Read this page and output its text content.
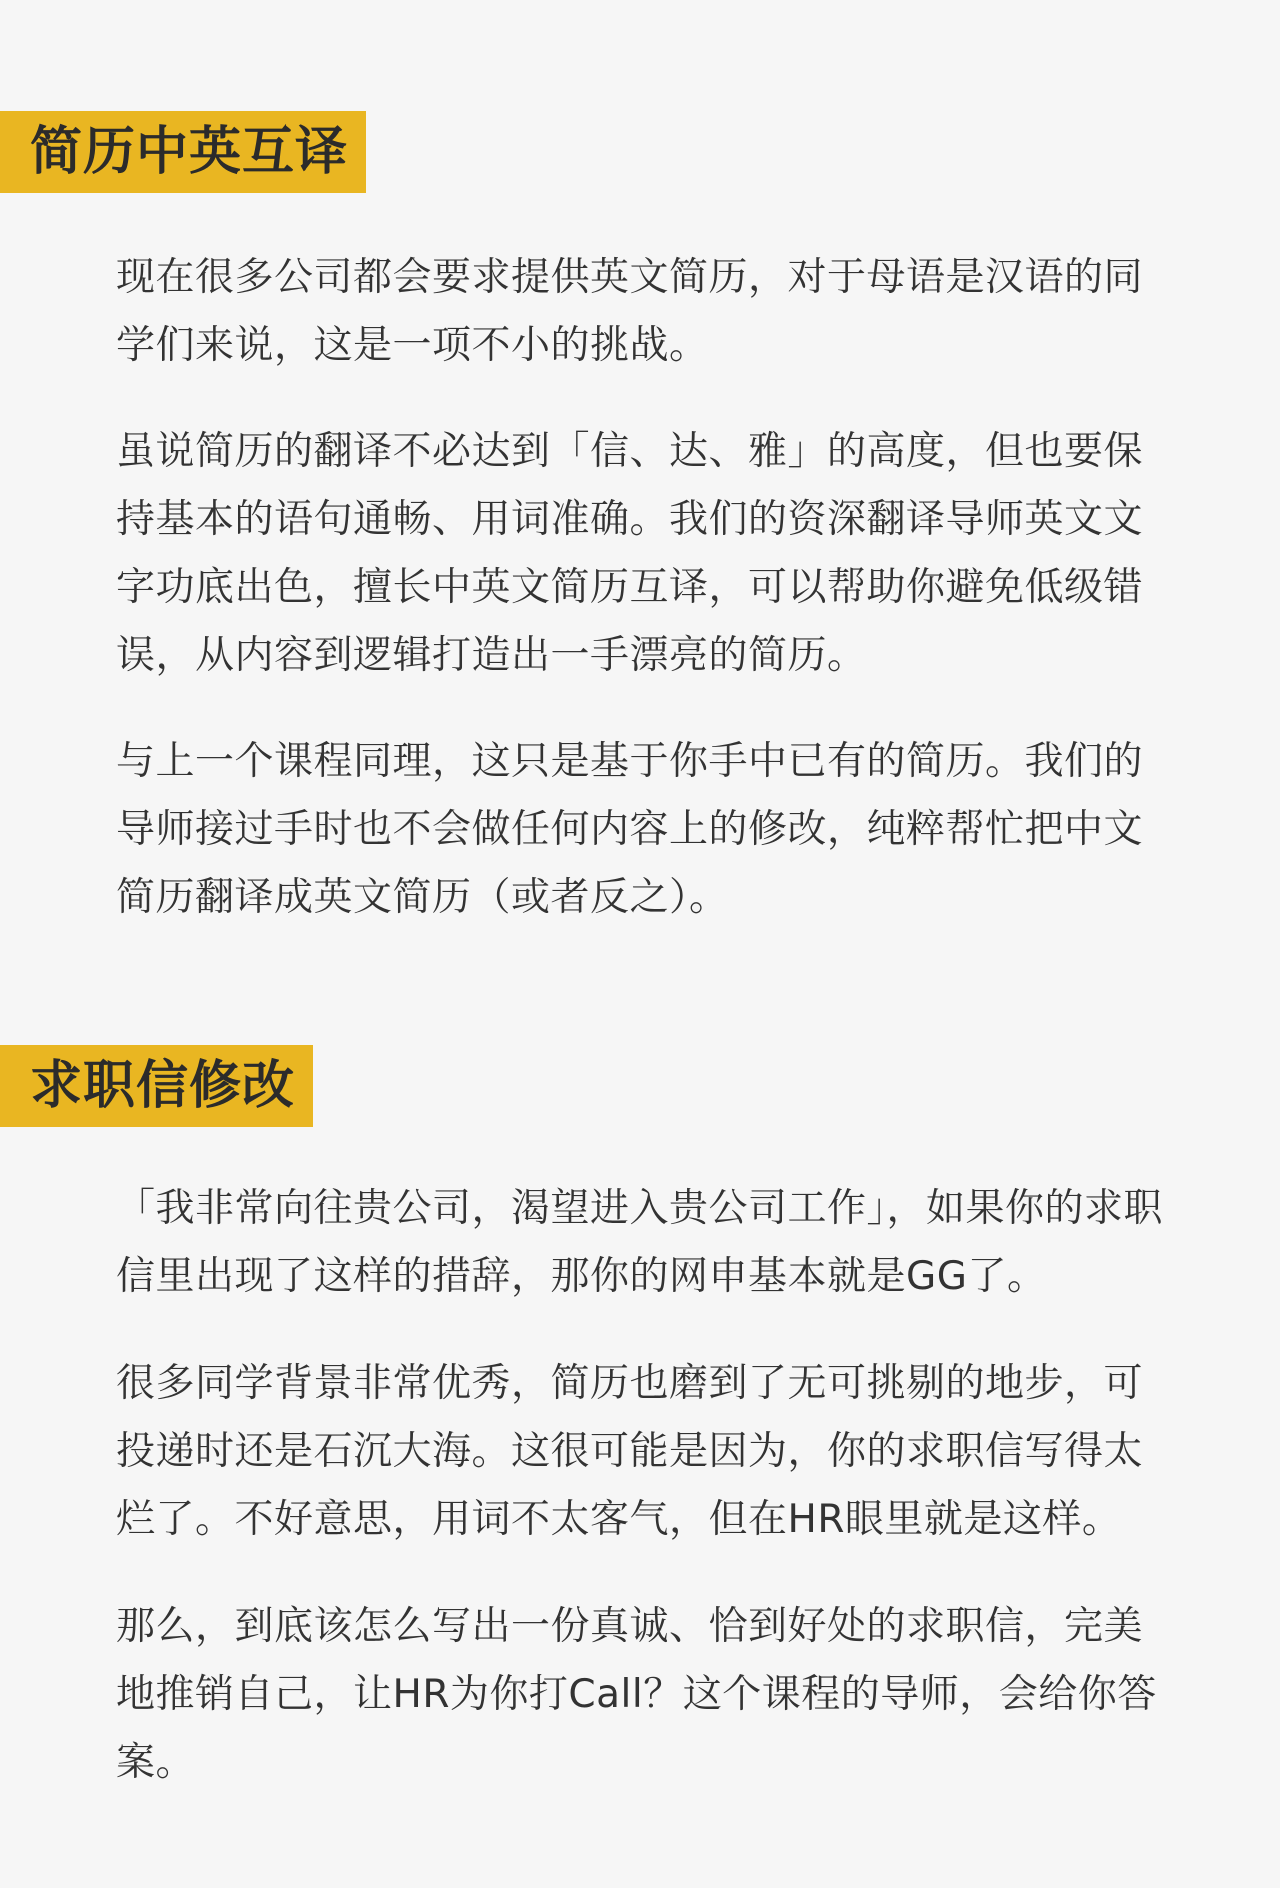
简历中英互译

现在很多公司都会要求提供英文简历，对于母语是汉语的同学们来说，这是一项不小的挑战。

虽说简历的翻译不必达到「信、达、雅」的高度，但也要保持基本的语句通畅、用词准确。我们的资深翻译导师英文文字功底出色，擅长中英文简历互译，可以帮助你避免低级错误，从内容到逻辑打造出一手漂亮的简历。

与上一个课程同理，这只是基于你手中已有的简历。我们的导师接过手时也不会做任何内容上的修改，纯粹帮忙把中文简历翻译成英文简历（或者反之）。

求职信修改

「我非常向往贵公司，渴望进入贵公司工作」，如果你的求职信里出现了这样的措辞，那你的网申基本就是GG了。

很多同学背景非常优秀，简历也磨到了无可挑剔的地步，可投递时还是石沉大海。这很可能是因为，你的求职信写得太烂了。不好意思，用词不太客气，但在HR眼里就是这样。

那么，到底该怎么写出一份真诚、恰到好处的求职信，完美地推销自己，让HR为你打Call？这个课程的导师，会给你答案。
